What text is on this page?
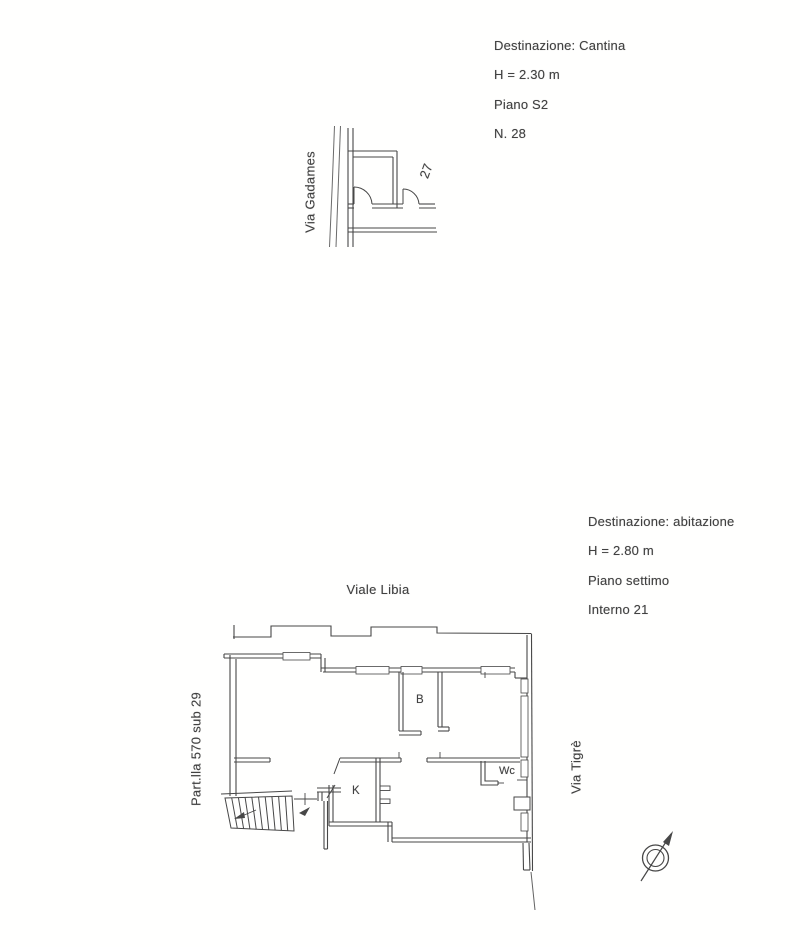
Destinazione: Cantina
H = 2.30 m
Piano S2
N. 28
Via Gadames	27
Destinazione: abitazione
H = 2.80 m
Piano settimo
Interno 21
Viale Libia
Part.lla 570 sub 29	Via Tigrè
B
K
Wc
